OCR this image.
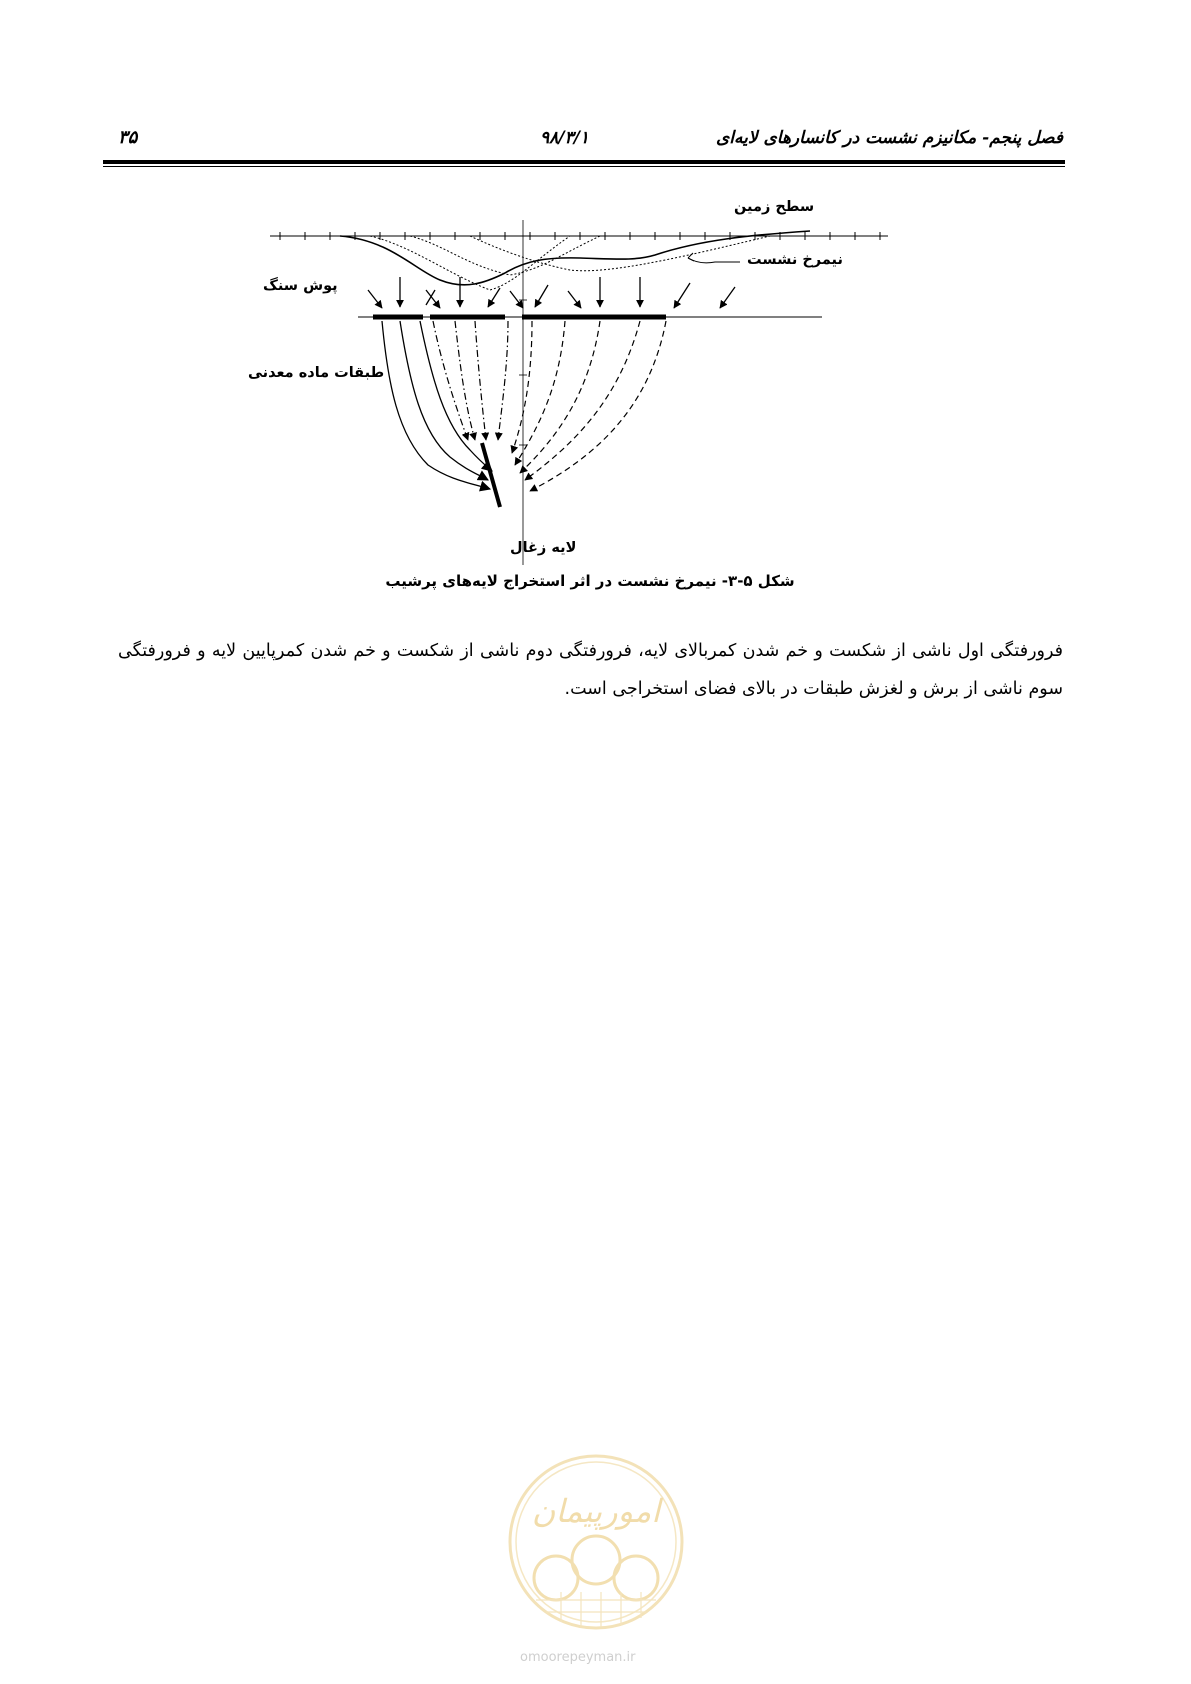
فصل پنجم- مکانیزم نشست در کانسارهای لایه‌ای
۹۸/۳/۱
۳۵
سطح زمین
نیمرخ نشست
پوش سنگ
طبقات ماده معدنی
لایه زغال
شکل ۵-۳- نیمرخ نشست در اثر استخراج لایه‌های پرشیب
فرورفتگی اول ناشی از شکست و خم شدن کمربالای لایه، فرورفتگی دوم ناشی از شکست و خم شدن کمرپایین لایه و فرورفتگی سوم ناشی از برش و لغزش طبقات در بالای فضای استخراجی است.
امورپیمان
omoorepeyman.ir
